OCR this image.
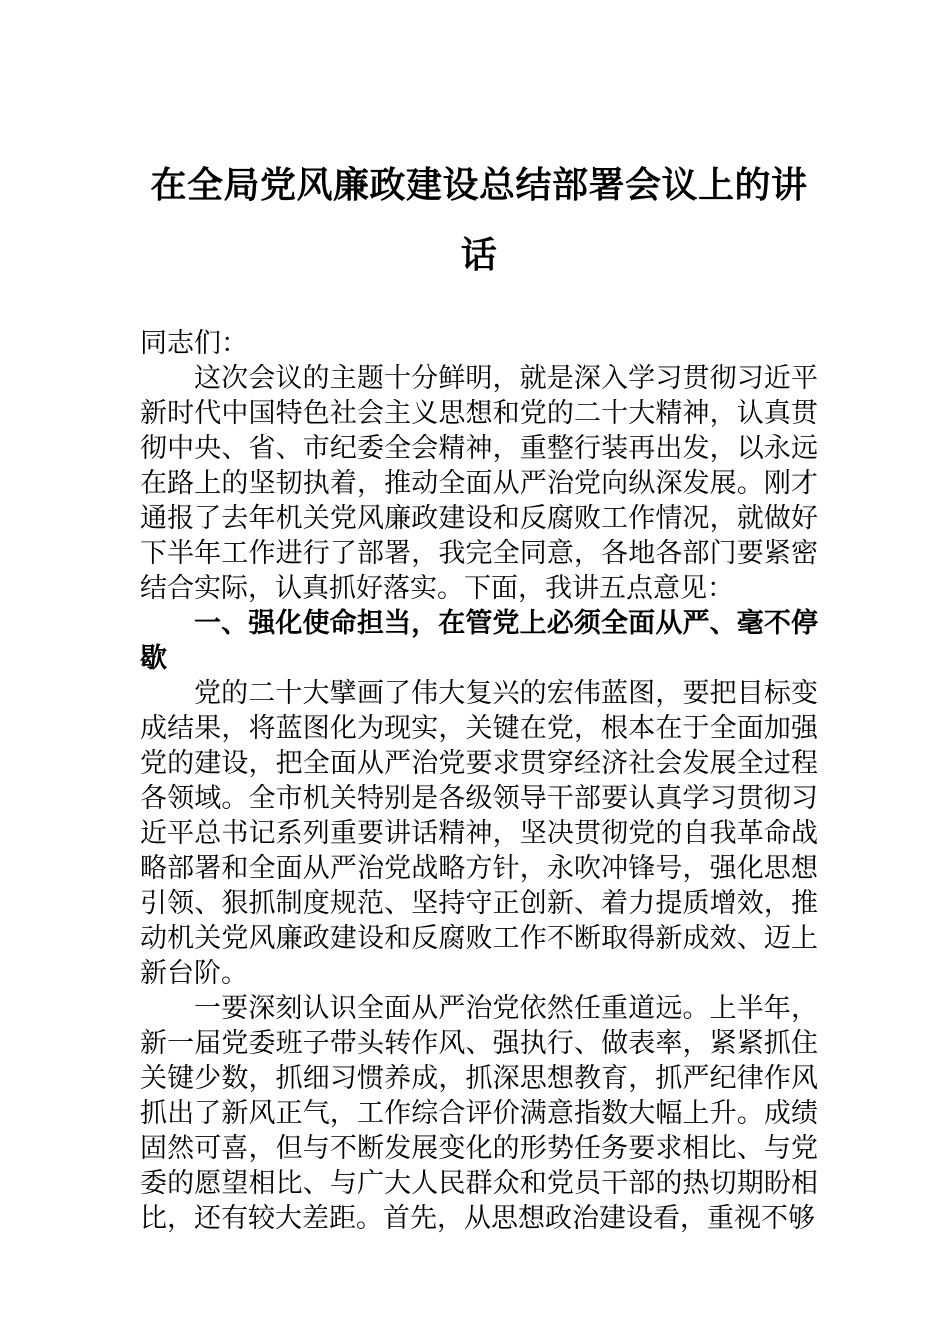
在全局党风廉政建设总结部署会议上的讲话

同志们：

这次会议的主题十分鲜明，就是深入学习贯彻习近平新时代中国特色社会主义思想和党的二十大精神，认真贯彻中央、省、市纪委全会精神，重整行装再出发，以永远在路上的坚韧执着，推动全面从严治党向纵深发展。刚才通报了去年机关党风廉政建设和反腐败工作情况，就做好下半年工作进行了部署，我完全同意，各地各部门要紧密结合实际，认真抓好落实。下面，我讲五点意见：

一、强化使命担当，在管党上必须全面从严、毫不停歇

党的二十大擘画了伟大复兴的宏伟蓝图，要把目标变成结果，将蓝图化为现实，关键在党，根本在于全面加强党的建设，把全面从严治党要求贯穿经济社会发展全过程各领域。全市机关特别是各级领导干部要认真学习贯彻习近平总书记系列重要讲话精神，坚决贯彻党的自我革命战略部署和全面从严治党战略方针，永吹冲锋号，强化思想引领、狠抓制度规范、坚持守正创新、着力提质增效，推动机关党风廉政建设和反腐败工作不断取得新成效、迈上新台阶。

一要深刻认识全面从严治党依然任重道远。上半年，新一届党委班子带头转作风、强执行、做表率，紧紧抓住关键少数，抓细习惯养成，抓深思想教育，抓严纪律作风抓出了新风正气，工作综合评价满意指数大幅上升。成绩固然可喜，但与不断发展变化的形势任务要求相比、与党委的愿望相比、与广大人民群众和党员干部的热切期盼相比，还有较大差距。首先，从思想政治建设看，重视不够
